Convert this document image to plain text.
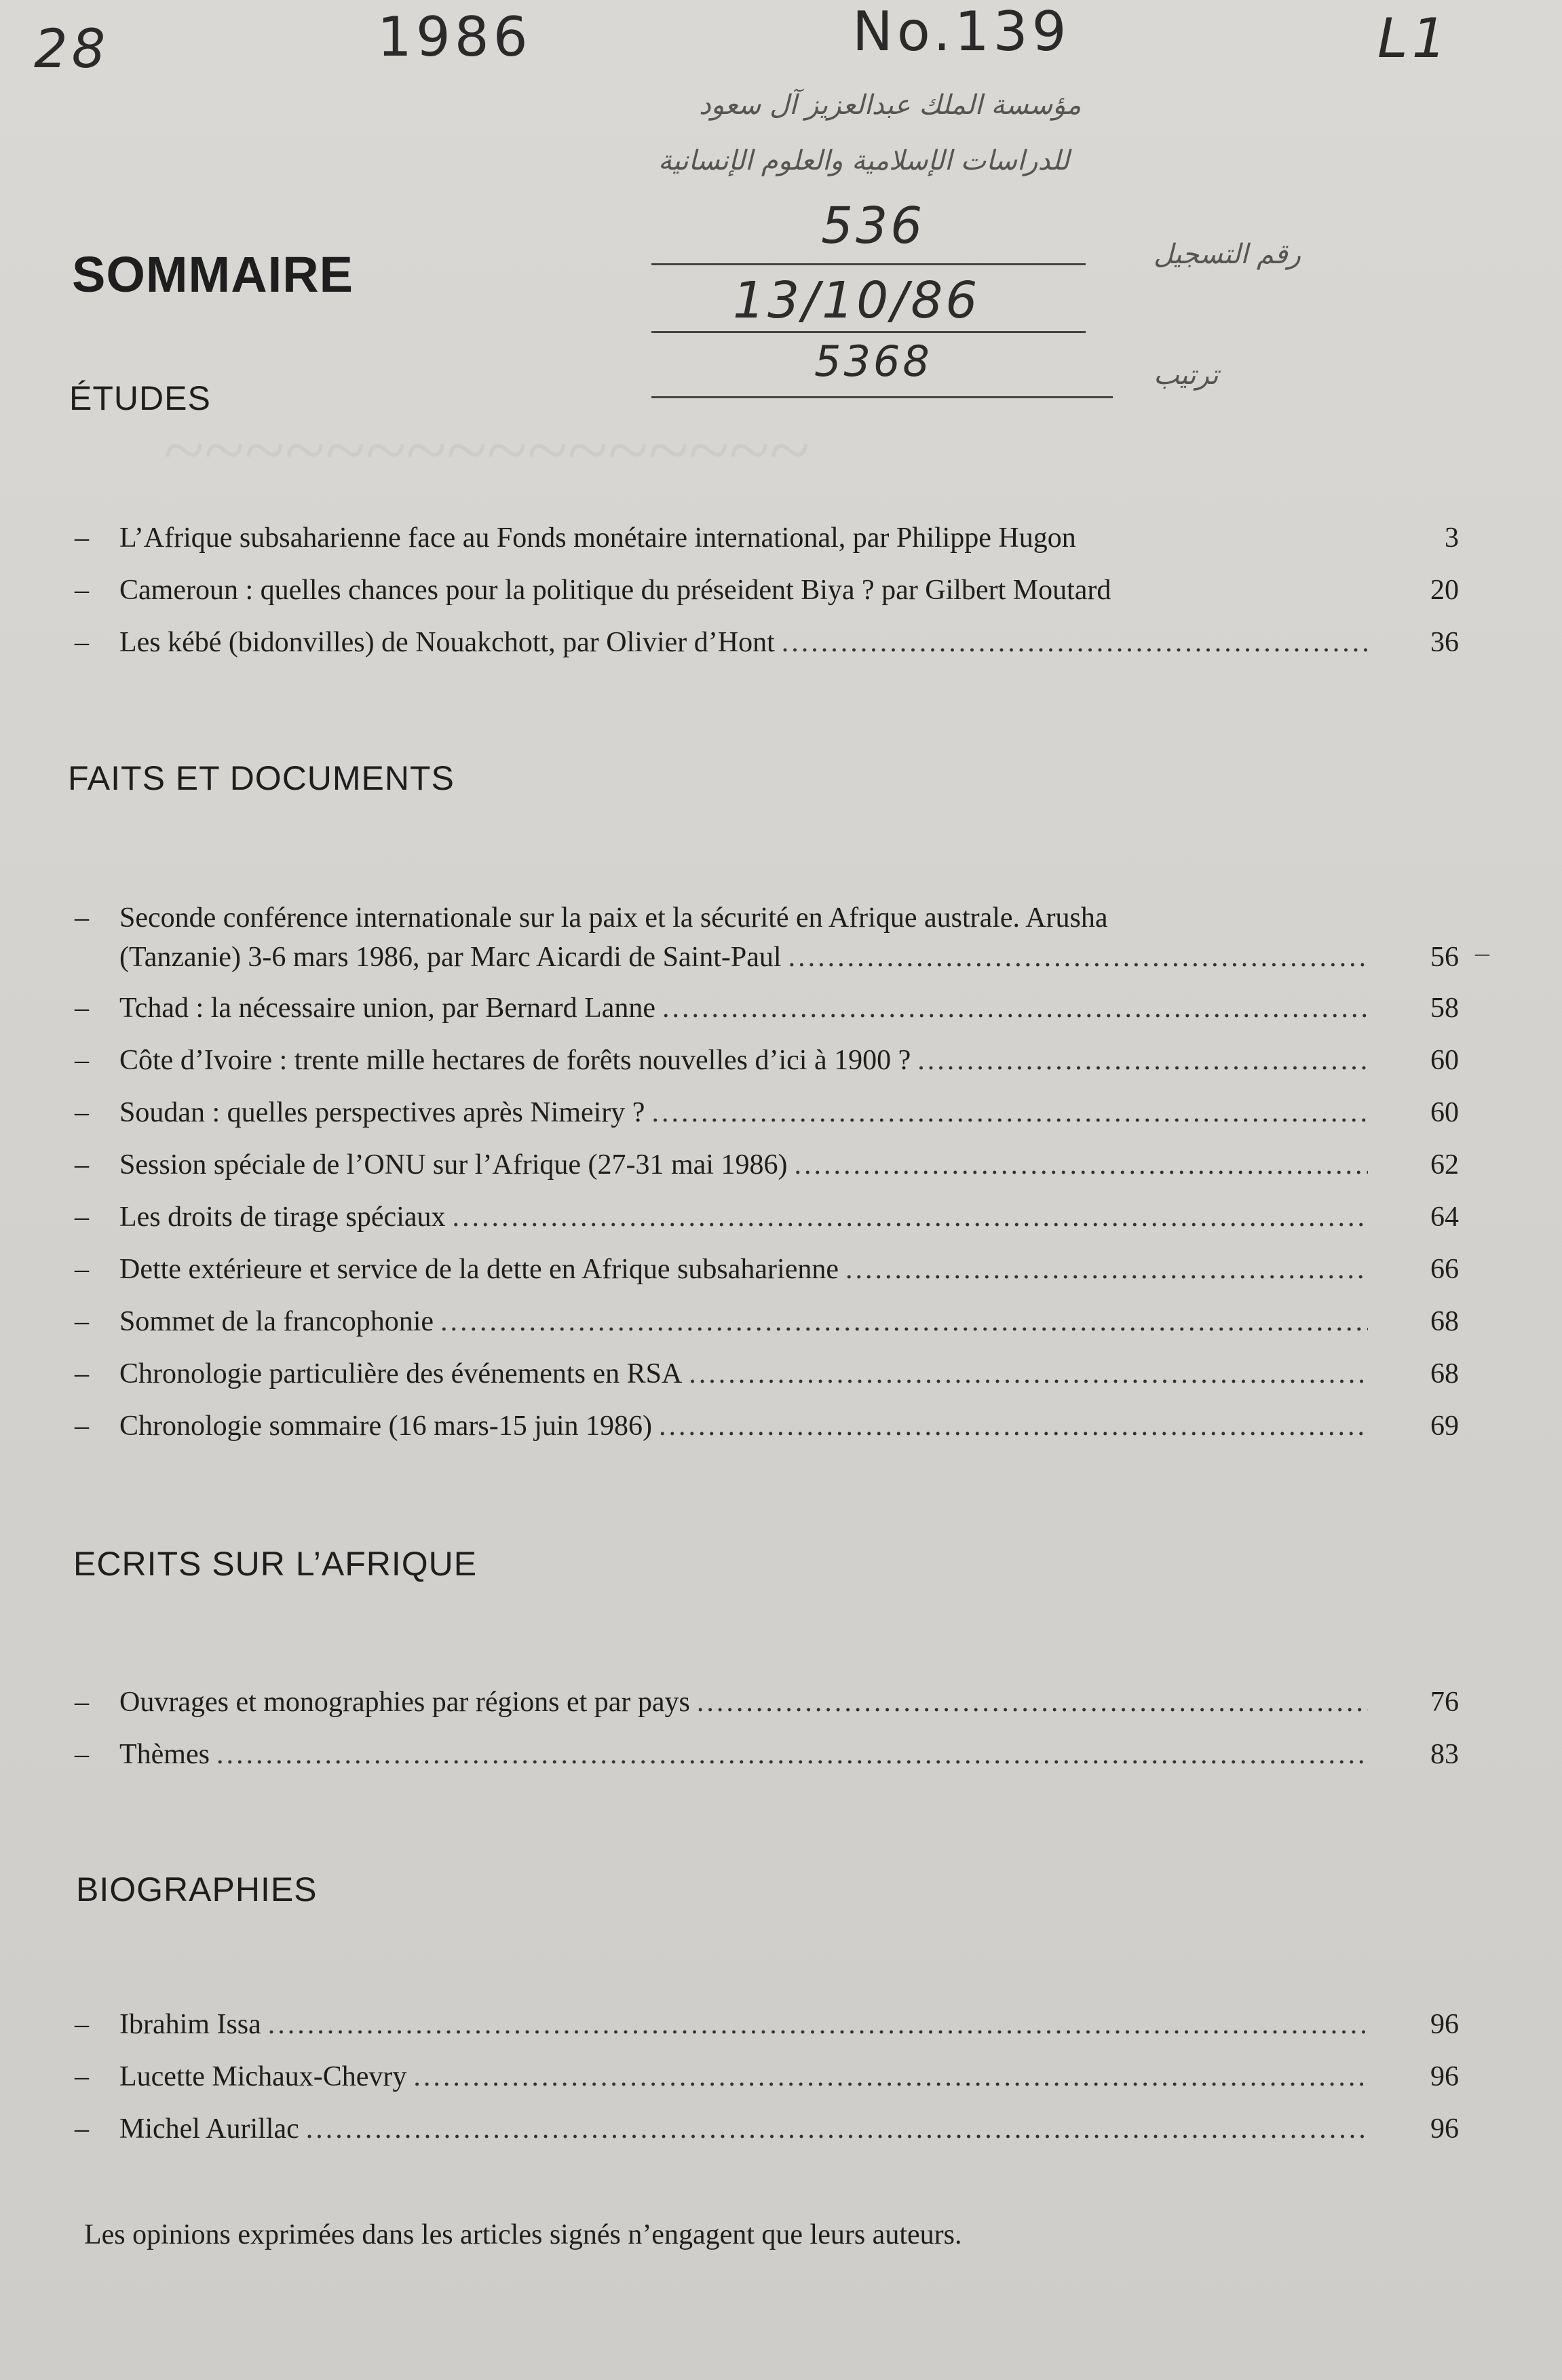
28	1986	No.139	L1
مؤسسة الملك عبدالعزيز آل سعود
للدراسات الإسلامية والعلوم الإنسانية
رقم التسجيل
ترتيب
536
13/10/86
5368
SOMMAIRE
ÉTUDES
– L’Afrique subsaharienne face au Fonds monétaire international, par Philippe Hugon	3
– Cameroun : quelles chances pour la politique du préseident Biya ? par Gilbert Moutard	20
– Les kébé (bidonvilles) de Nouakchott, par Olivier d’Hont .....	36
FAITS ET DOCUMENTS
– Seconde conférence internationale sur la paix et la sécurité en Afrique australe. Arusha
(Tanzanie) 3-6 mars 1986, par Marc Aicardi de Saint-Paul .....	56
– Tchad : la nécessaire union, par Bernard Lanne .....	58
– Côte d’Ivoire : trente mille hectares de forêts nouvelles d’ici à 1900 ? .....	60
– Soudan : quelles perspectives après Nimeiry ? .....	60
– Session spéciale de l’ONU sur l’Afrique (27-31 mai 1986) .....	62
– Les droits de tirage spéciaux .....	64
– Dette extérieure et service de la dette en Afrique subsaharienne .....	66
– Sommet de la francophonie .....	68
– Chronologie particulière des événements en RSA .....	68
– Chronologie sommaire (16 mars-15 juin 1986) .....	69
ECRITS SUR L’AFRIQUE
– Ouvrages et monographies par régions et par pays .....	76
– Thèmes .....	83
BIOGRAPHIES
– Ibrahim Issa .....	96
– Lucette Michaux-Chevry .....	96
– Michel Aurillac .....	96
Les opinions exprimées dans les articles signés n’engagent que leurs auteurs.
–
